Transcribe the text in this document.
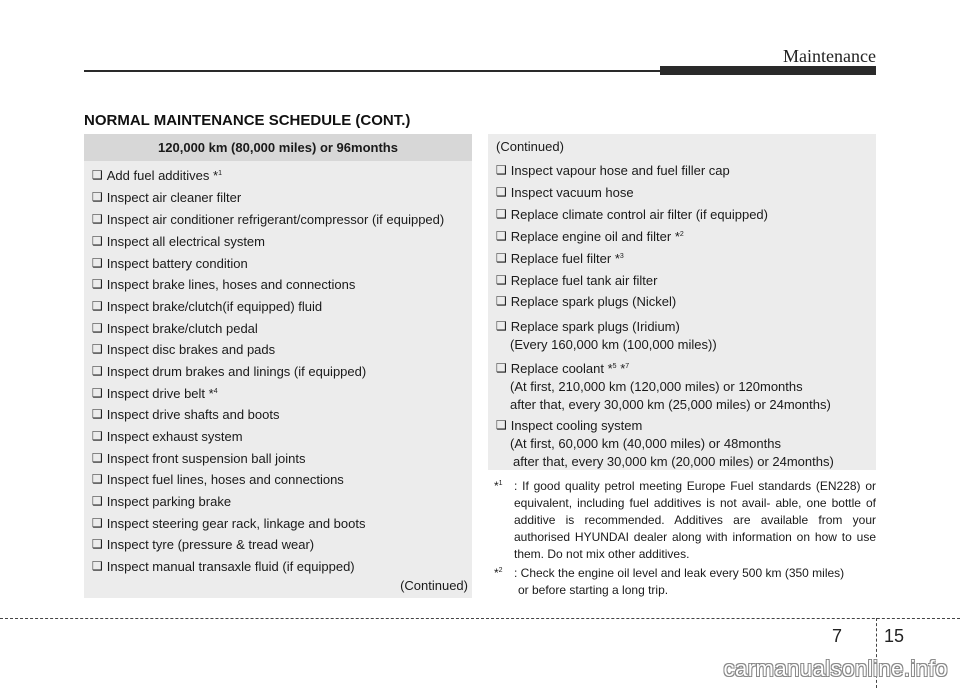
Maintenance
NORMAL MAINTENANCE SCHEDULE (CONT.)
120,000 km (80,000 miles) or 96months
❑ Add fuel additives *$^1$
❑ Inspect air cleaner filter
❑ Inspect air conditioner refrigerant/compressor (if equipped)
❑ Inspect all electrical system
❑ Inspect battery condition
❑ Inspect brake lines, hoses and connections
❑ Inspect brake/clutch(if equipped) fluid
❑ Inspect brake/clutch pedal
❑ Inspect disc brakes and pads
❑ Inspect drum brakes and linings (if equipped)
❑ Inspect drive belt *$^4$
❑ Inspect drive shafts and boots
❑ Inspect exhaust system
❑ Inspect front suspension ball joints
❑ Inspect fuel lines, hoses and connections
❑ Inspect parking brake
❑ Inspect steering gear rack, linkage and boots
❑ Inspect tyre (pressure & tread wear)
❑ Inspect manual transaxle fluid (if equipped)
(Continued)
(Continued)
❑ Inspect vapour hose and fuel filler cap
❑ Inspect vacuum hose
❑ Replace climate control air filter (if equipped)
❑ Replace engine oil and filter *$^2$
❑ Replace fuel filter *$^3$
❑ Replace fuel tank air filter
❑ Replace spark plugs (Nickel)
❑ Replace spark plugs (Iridium)
(Every 160,000 km (100,000 miles))
❑ Replace coolant *$^5$ *$^7$
(At first, 210,000 km (120,000 miles) or 120months
after that, every 30,000 km (25,000 miles) or 24months)
❑ Inspect cooling system
(At first, 60,000 km (40,000 miles) or 48months
after that, every 30,000 km (20,000 miles) or 24months)
*$^1$ : If good quality petrol meeting Europe Fuel standards (EN228) or equivalent, including fuel additives is not avail- able, one bottle of additive is recommended. Additives are available from your authorised HYUNDAI dealer along with information on how to use them. Do not mix other additives.
*$^2$ : Check the engine oil level and leak every 500 km (350 miles)
or before starting a long trip.
7 15
carmanualsonline.info
